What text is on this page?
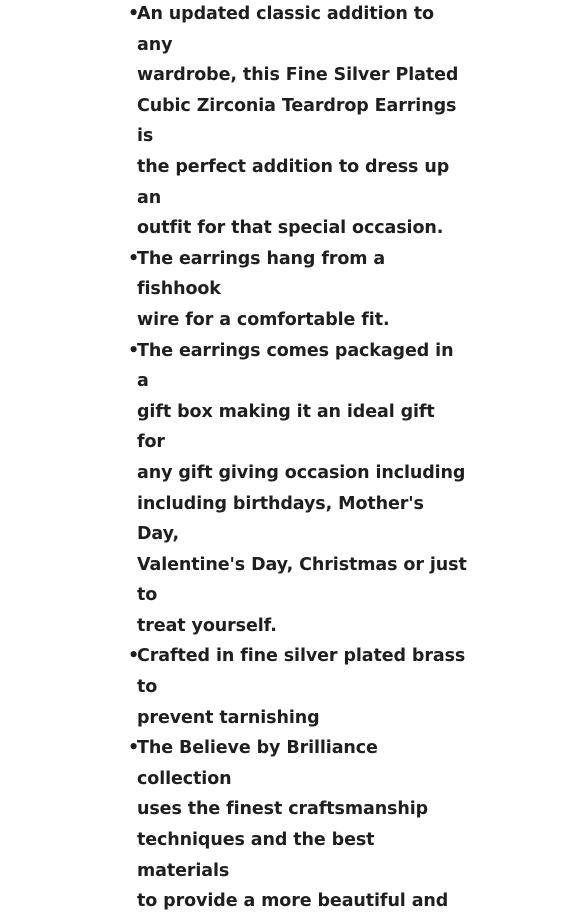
•
An updated classic addition to any
wardrobe, this Fine Silver Plated
Cubic Zirconia Teardrop Earrings is
the perfect addition to dress up an
outfit for that special occasion.
•
The earrings hang from a fishhook
wire for a comfortable fit.
•
The earrings comes packaged in a
gift box making it an ideal gift for
any gift giving occasion including
including birthdays, Mother's Day,
Valentine's Day, Christmas or just to
treat yourself.
•
Crafted in fine silver plated brass to
prevent tarnishing
•
The Believe by Brilliance collection
uses the finest craftsmanship
techniques and the best materials
to provide a more beautiful and
